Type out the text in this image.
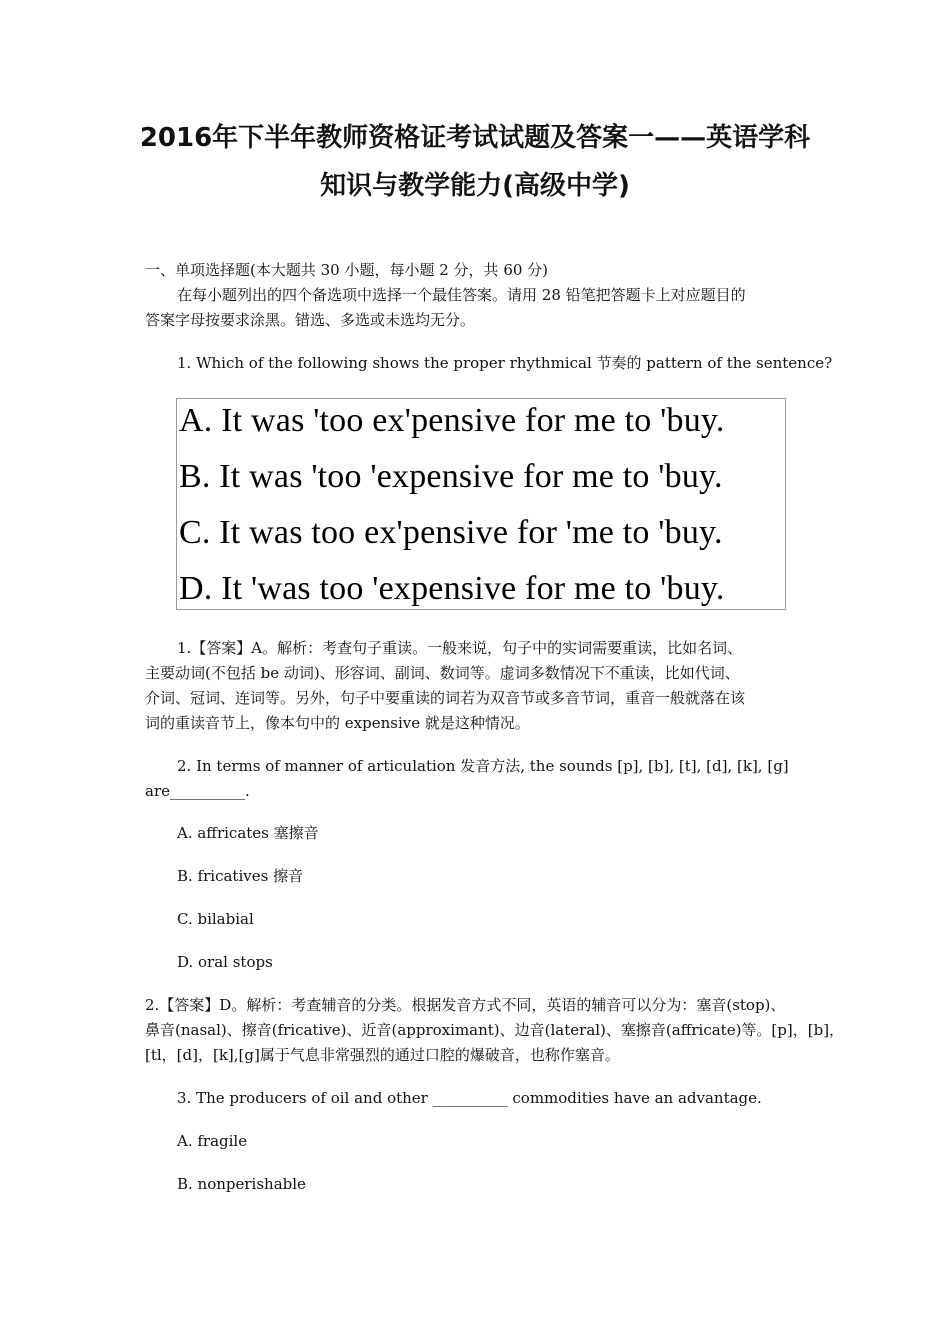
2016年下半年教师资格证考试试题及答案一——英语学科
知识与教学能力(高级中学)

一、单项选择题(本大题共 30 小题，每小题 2 分，共 60 分)

在每小题列出的四个备选项中选择一个最佳答案。请用 28 铅笔把答题卡上对应题目的

答案字母按要求涂黑。错选、多选或未选均无分。

1. Which of the following shows the proper rhythmical 节奏的 pattern of the sentence?

A. It was 'too ex'pensive for me to 'buy.
B. It was 'too 'expensive for me to 'buy.
C. It was too ex'pensive for 'me to 'buy.
D. It 'was too 'expensive for me to 'buy.

1.【答案】A。解析：考查句子重读。一般来说，句子中的实词需要重读，比如名词、

主要动词(不包括 be 动词)、形容词、副词、数词等。虚词多数情况下不重读，比如代词、

介词、冠词、连词等。另外，句子中要重读的词若为双音节或多音节词，重音一般就落在该

词的重读音节上，像本句中的 expensive 就是这种情况。

2. In terms of manner of articulation 发音方法, the sounds [p], [b], [t], [d], [k], [g]

are__________.

A. affricates 塞擦音

B. fricatives 擦音

C. bilabial

D. oral stops

2.【答案】D。解析：考查辅音的分类。根据发音方式不同，英语的辅音可以分为：塞音(stop)、

鼻音(nasal)、擦音(fricative)、近音(approximant)、边音(lateral)、塞擦音(affricate)等。[p]，[b]，

[tl，[d]，[k],[g]属于气息非常强烈的通过口腔的爆破音，也称作塞音。

3. The producers of oil and other __________ commodities have an advantage.

A. fragile

B. nonperishable
